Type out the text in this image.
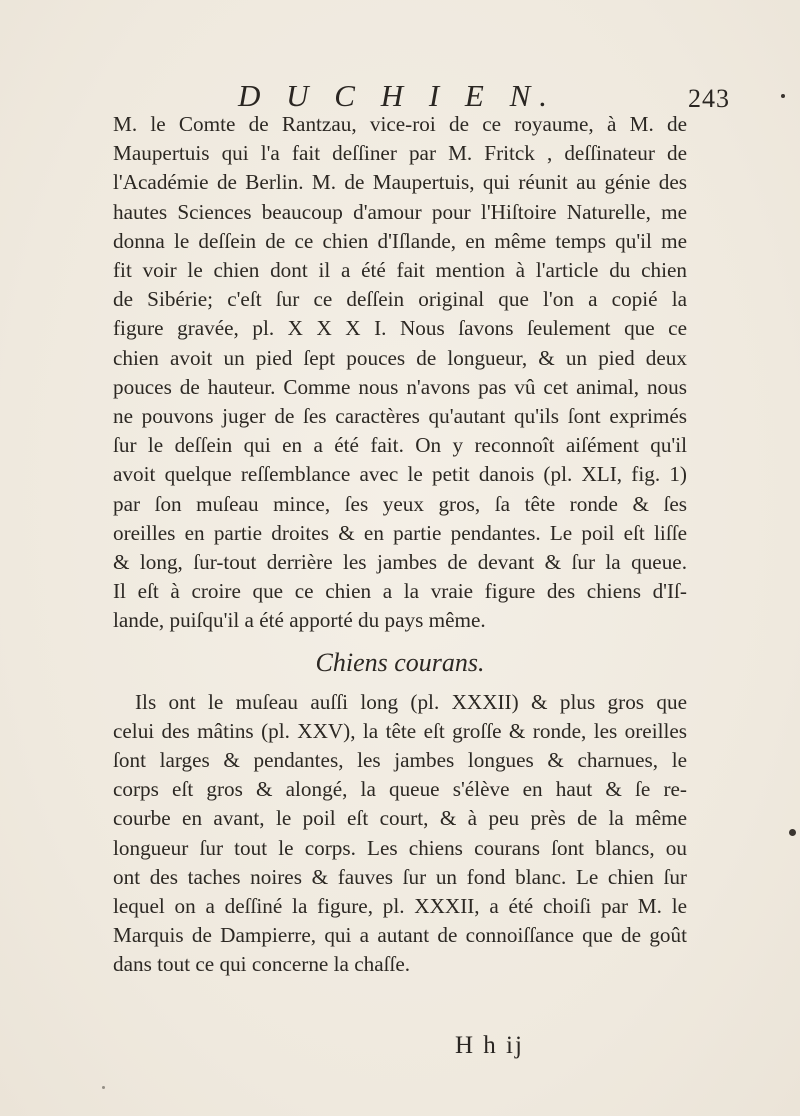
D U C H I E N.	243

M. le Comte de Rantzau, vice-roi de ce royaume, à M. de
Maupertuis qui l'a fait deſſiner par M. Fritck , deſſinateur de
l'Académie de Berlin. M. de Maupertuis, qui réunit au génie des
hautes Sciences beaucoup d'amour pour l'Hiſtoire Naturelle, me
donna le deſſein de ce chien d'Iſlande, en même temps qu'il me
fit voir le chien dont il a été fait mention à l'article du chien
de Sibérie; c'eſt ſur ce deſſein original que l'on a copié la
figure gravée, pl. X X X I. Nous ſavons ſeulement que ce
chien avoit un pied ſept pouces de longueur, & un pied deux
pouces de hauteur. Comme nous n'avons pas vû cet animal, nous
ne pouvons juger de ſes caractères qu'autant qu'ils ſont exprimés
ſur le deſſein qui en a été fait. On y reconnoît aiſément qu'il
avoit quelque reſſemblance avec le petit danois (pl. XLI, fig. 1)
par ſon muſeau mince, ſes yeux gros, ſa tête ronde & ſes
oreilles en partie droites & en partie pendantes. Le poil eſt liſſe
& long, ſur-tout derrière les jambes de devant & ſur la queue.
Il eſt à croire que ce chien a la vraie figure des chiens d'Iſ-
lande, puiſqu'il a été apporté du pays même.

Chiens courans.

Ils ont le muſeau auſſi long (pl. XXXII) & plus gros que
celui des mâtins (pl. XXV), la tête eſt groſſe & ronde, les oreilles
ſont larges & pendantes, les jambes longues & charnues, le
corps eſt gros & alongé, la queue s'élève en haut & ſe re-
courbe en avant, le poil eſt court, & à peu près de la même
longueur ſur tout le corps. Les chiens courans ſont blancs, ou
ont des taches noires & fauves ſur un fond blanc. Le chien ſur
lequel on a deſſiné la figure, pl. XXXII, a été choiſi par M. le
Marquis de Dampierre, qui a autant de connoiſſance que de goût
dans tout ce qui concerne la chaſſe.

H h ij
